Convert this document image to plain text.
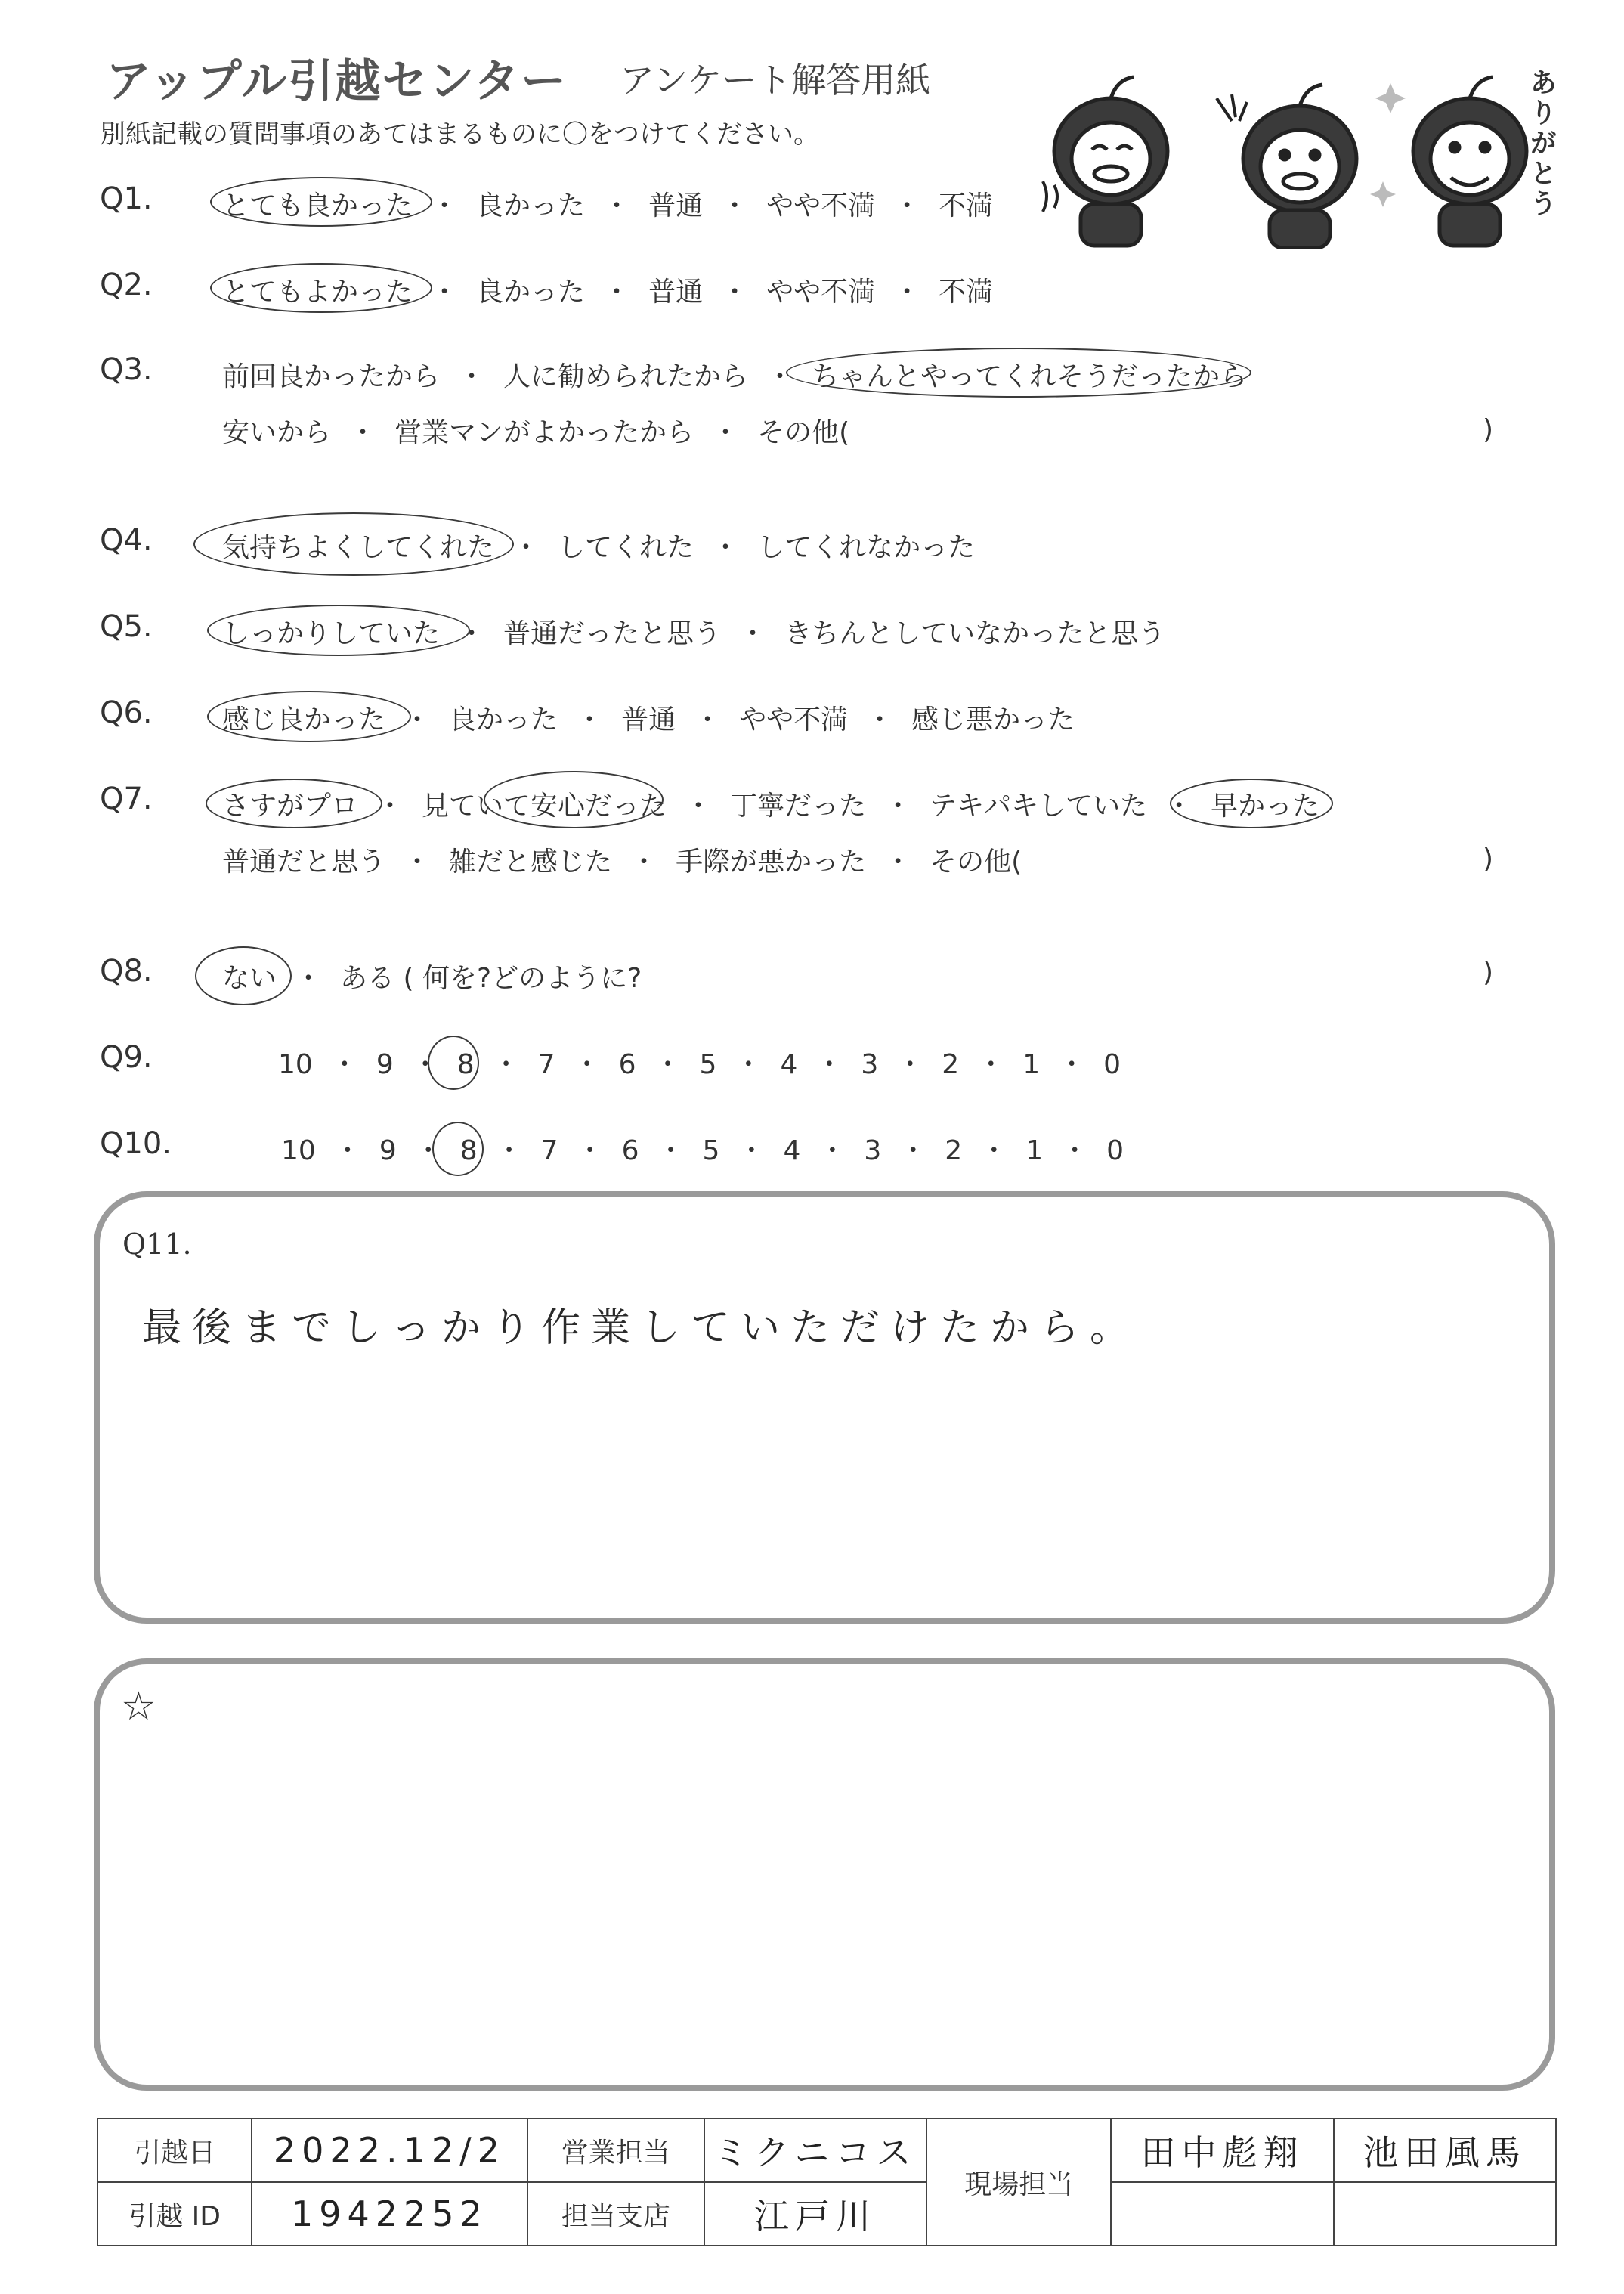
アップル引越センター アンケート解答用紙
別紙記載の質問事項のあてはまるものに〇をつけてください。	ありがとう
Q1.	とても良かった ・ 良かった ・ 普通 ・ やや不満 ・ 不満
Q2.	とてもよかった ・ 良かった ・ 普通 ・ やや不満 ・ 不満
Q3.	前回良かったから ・ 人に勧められたから ・ ちゃんとやってくれそうだったから
安いから ・ 営業マンがよかったから ・ その他(	)
Q4.	気持ちよくしてくれた ・ してくれた ・ してくれなかった
Q5.	しっかりしていた ・ 普通だったと思う ・ きちんとしていなかったと思う
Q6.	感じ良かった ・ 良かった ・ 普通 ・ やや不満 ・ 感じ悪かった
Q7.	さすがプロ ・ 見ていて安心だった ・ 丁寧だった ・ テキパキしていた ・ 早かった
普通だと思う ・ 雑だと感じた ・ 手際が悪かった ・ その他(	)
Q8.	ない ・ ある ( 何を?どのように?	)
Q9.	10 ・ 9 ・ 8 ・ 7 ・ 6 ・ 5 ・ 4 ・ 3 ・ 2 ・ 1 ・ 0
Q10.	10 ・ 9 ・ 8 ・ 7 ・ 6 ・ 5 ・ 4 ・ 3 ・ 2 ・ 1 ・ 0
Q11.
最後までしっかり作業していただけたから。
☆
引越日	2022.12/2	営業担当	ミクニコス	現場担当	田中彪翔	池田風馬
引越 ID	1942252	担当支店	江戸川			
